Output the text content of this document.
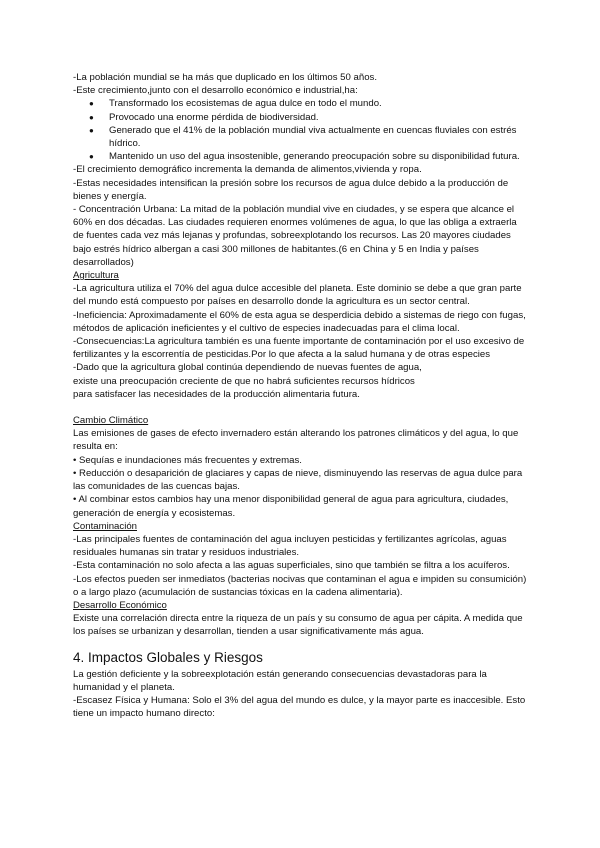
-La población mundial se ha más que duplicado en los últimos 50 años.

-Este crecimiento,junto con el desarrollo económico e industrial,ha:

● Transformado los ecosistemas de agua dulce en todo el mundo.
● Provocado una enorme pérdida de biodiversidad.
● Generado que el 41% de la población mundial viva actualmente en cuencas fluviales con estrés hídrico.
● Mantenido un uso del agua insostenible, generando preocupación sobre su disponibilidad futura.

-El crecimiento demográfico incrementa la demanda de alimentos,vivienda y ropa.

-Estas necesidades intensifican la presión sobre los recursos de agua dulce debido a la producción de bienes y energía.

- Concentración Urbana: La mitad de la población mundial vive en ciudades, y se espera que alcance el 60% en dos décadas. Las ciudades requieren enormes volúmenes de agua, lo que las obliga a extraerla de fuentes cada vez más lejanas y profundas, sobreexplotando los recursos. Las 20 mayores ciudades bajo estrés hídrico albergan a casi 300 millones de habitantes.(6 en China y 5 en India y países desarrollados)

Agricultura

-La agricultura utiliza el 70% del agua dulce accesible del planeta. Este dominio se debe a que gran parte del mundo está compuesto por países en desarrollo donde la agricultura es un sector central.

-Ineficiencia: Aproximadamente el 60% de esta agua se desperdicia debido a sistemas de riego con fugas, métodos de aplicación ineficientes y el cultivo de especies inadecuadas para el clima local.

-Consecuencias:La agricultura también es una fuente importante de contaminación por el uso excesivo de fertilizantes y la escorrentía de pesticidas.Por lo que afecta a la salud humana y de otras especies

-Dado que la agricultura global continúa dependiendo de nuevas fuentes de agua,

existe una preocupación creciente de que no habrá suficientes recursos hídricos

para satisfacer las necesidades de la producción alimentaria futura.

Cambio Climático

Las emisiones de gases de efecto invernadero están alterando los patrones climáticos y del agua, lo que resulta en:

• Sequías e inundaciones más frecuentes y extremas.

• Reducción o desaparición de glaciares y capas de nieve, disminuyendo las reservas de agua dulce para las comunidades de las cuencas bajas.

• Al combinar estos cambios hay una menor disponibilidad general de agua para agricultura, ciudades, generación de energía y ecosistemas.

Contaminación

-Las principales fuentes de contaminación del agua incluyen pesticidas y fertilizantes agrícolas, aguas residuales humanas sin tratar y residuos industriales.

-Esta contaminación no solo afecta a las aguas superficiales, sino que también se filtra a los acuíferos.

-Los efectos pueden ser inmediatos (bacterias nocivas que contaminan el agua e impiden su consumición) o a largo plazo (acumulación de sustancias tóxicas en la cadena alimentaria).

Desarrollo Económico

Existe una correlación directa entre la riqueza de un país y su consumo de agua per cápita. A medida que los países se urbanizan y desarrollan, tienden a usar significativamente más agua.

4. Impactos Globales y Riesgos

La gestión deficiente y la sobreexplotación están generando consecuencias devastadoras para la humanidad y el planeta.

-Escasez Física y Humana: Solo el 3% del agua del mundo es dulce, y la mayor parte es inaccesible. Esto tiene un impacto humano directo:
